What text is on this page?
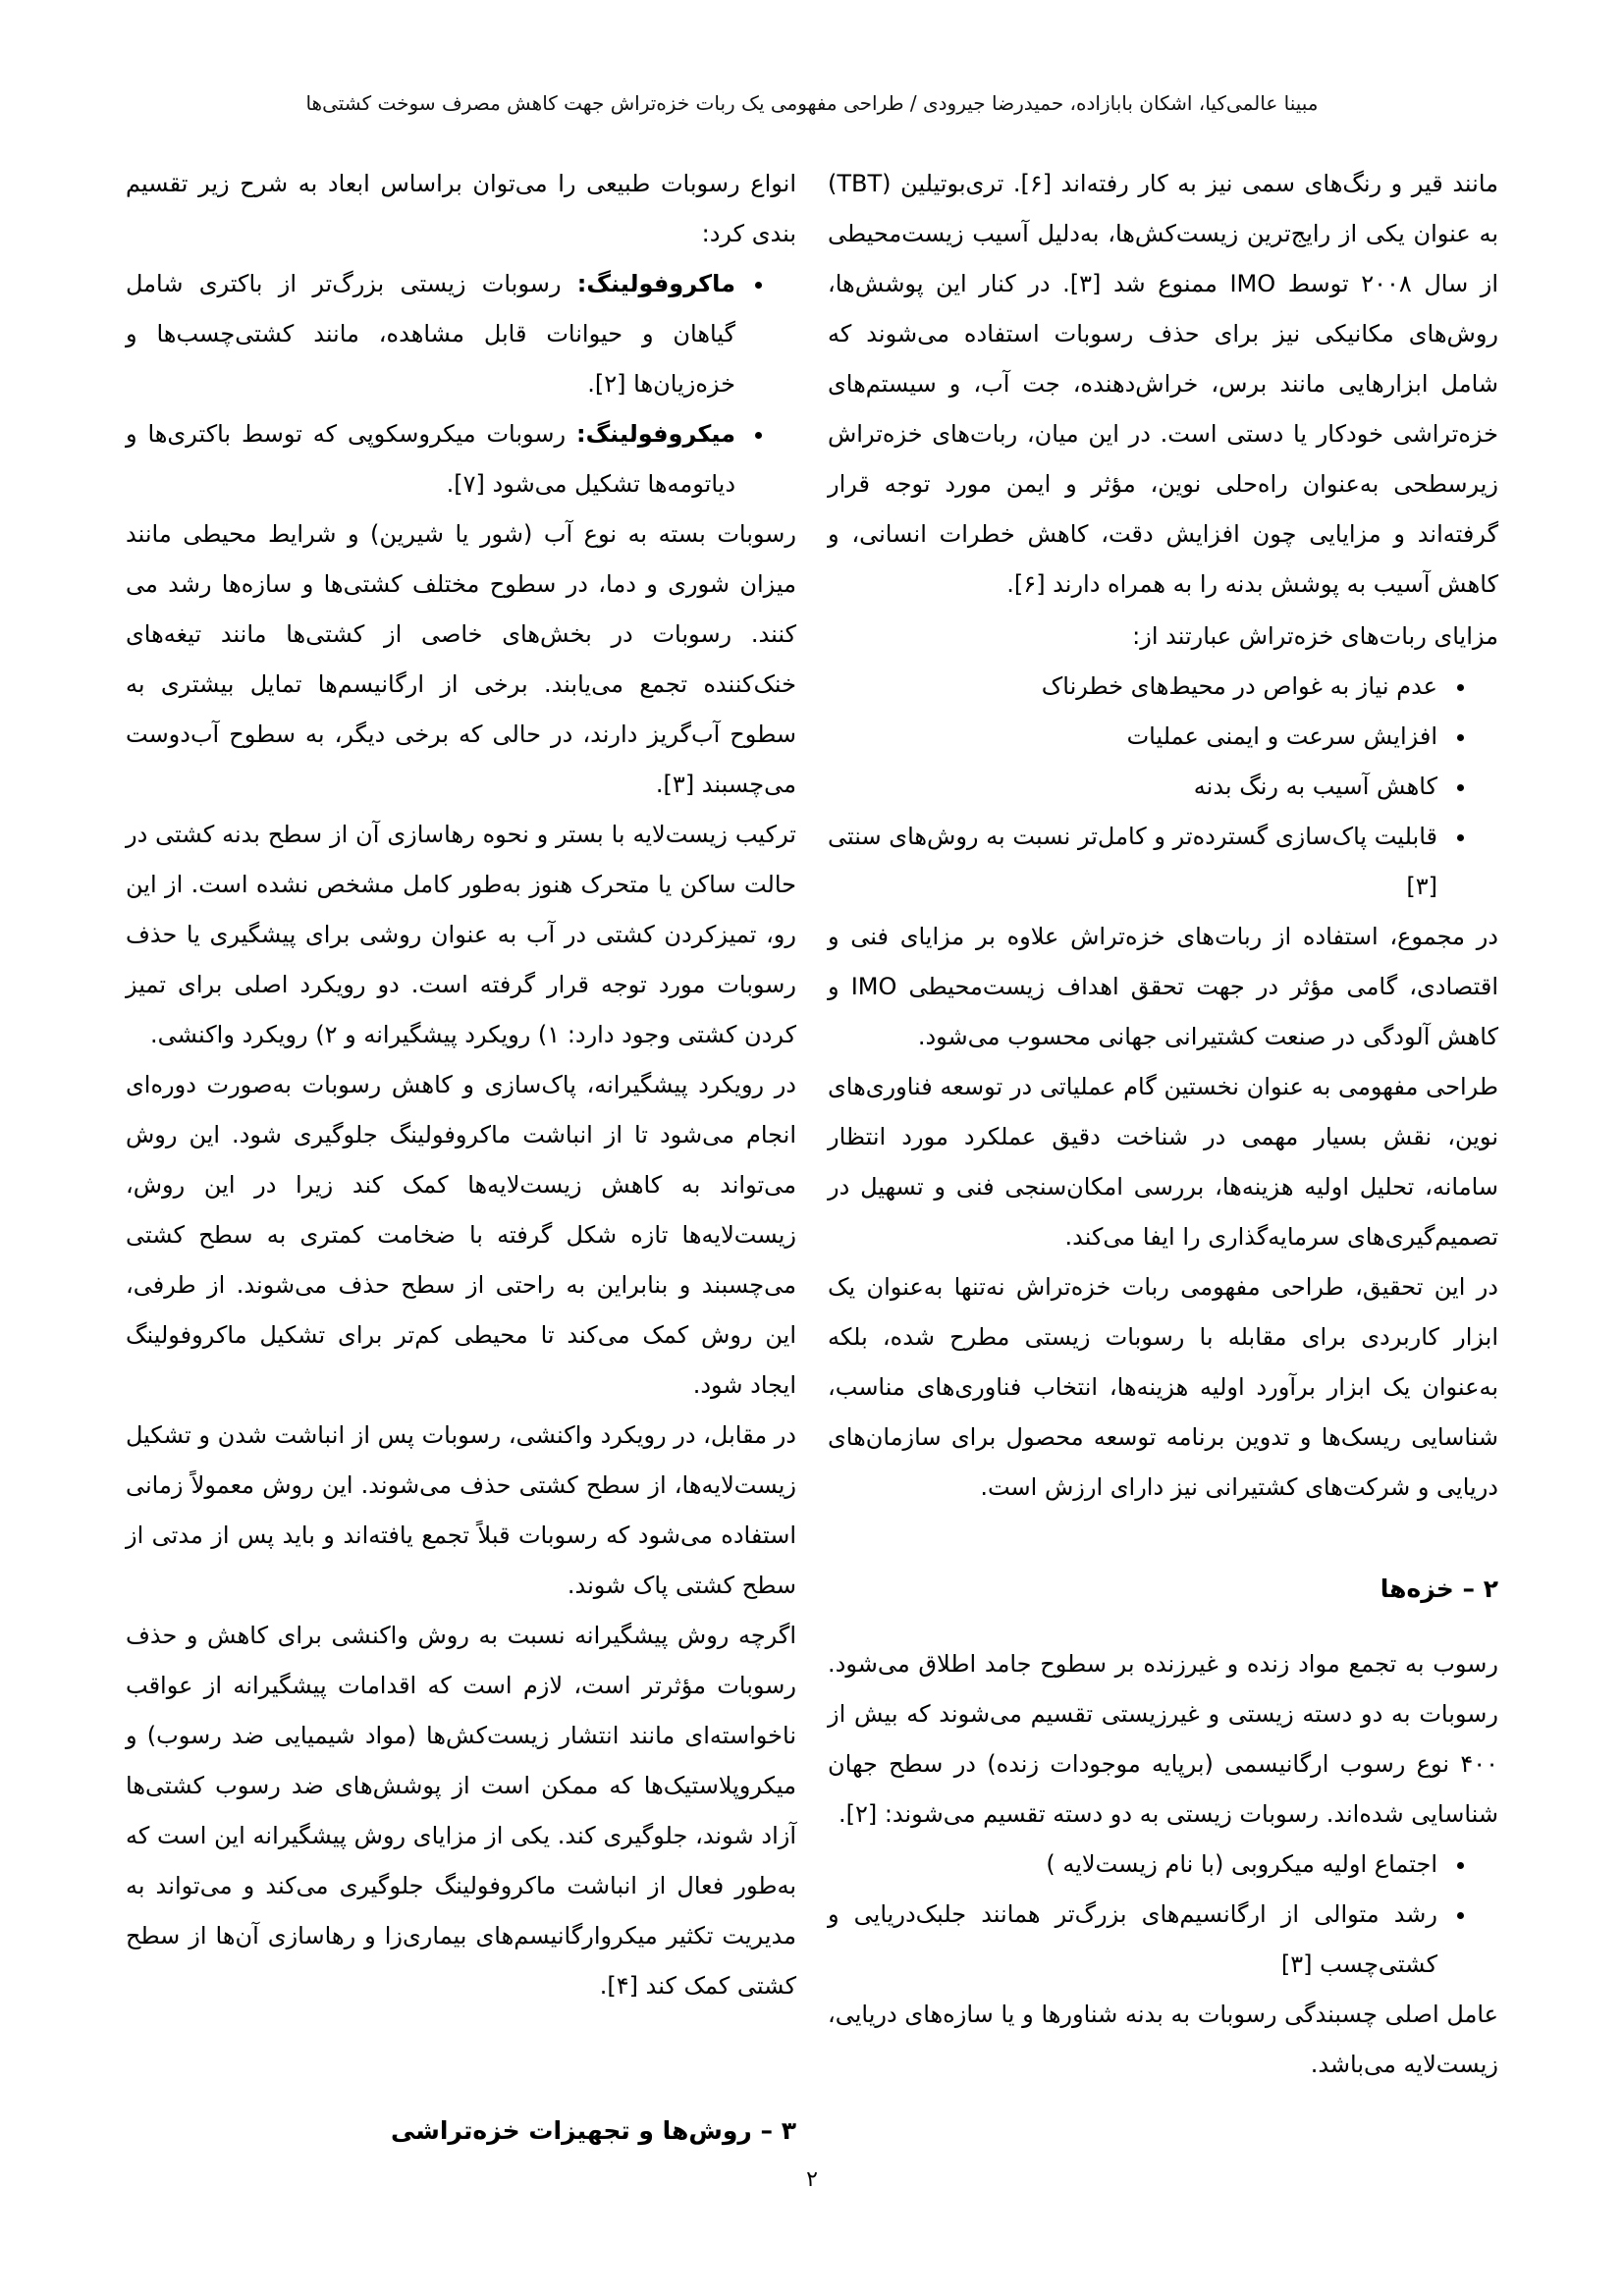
مبینا عالمی‌کیا، اشکان بابازاده، حمیدرضا جیرودی / طراحی مفهومی یک ربات خزه‌تراش جهت کاهش مصرف سوخت کشتی‌ها

مانند قیر و رنگ‌های سمی نیز به کار رفته‌اند [۶]. تری‌بوتیلین (TBT) به عنوان یکی از رایج‌ترین زیست‌کش‌ها، به‌دلیل آسیب زیست‌محیطی از سال ۲۰۰۸ توسط IMO ممنوع شد [۳]. در کنار این پوشش‌ها، روش‌های مکانیکی نیز برای حذف رسوبات استفاده می‌شوند که شامل ابزارهایی مانند برس، خراش‌دهنده، جت آب، و سیستم‌های خزه‌تراشی خودکار یا دستی است. در این میان، ربات‌های خزه‌تراش زیرسطحی به‌عنوان راه‌حلی نوین، مؤثر و ایمن مورد توجه قرار گرفته‌اند و مزایایی چون افزایش دقت، کاهش خطرات انسانی، و کاهش آسیب به پوشش بدنه را به همراه دارند [۶].

مزایای ربات‌های خزه‌تراش عبارتند از:

• عدم نیاز به غواص در محیط‌های خطرناک
• افزایش سرعت و ایمنی عملیات
• کاهش آسیب به رنگ بدنه
• قابلیت پاک‌سازی گسترده‌تر و کامل‌تر نسبت به روش‌های سنتی [۳]

در مجموع، استفاده از ربات‌های خزه‌تراش علاوه بر مزایای فنی و اقتصادی، گامی مؤثر در جهت تحقق اهداف زیست‌محیطی IMO و کاهش آلودگی در صنعت کشتیرانی جهانی محسوب می‌شود.

طراحی مفهومی به عنوان نخستین گام عملیاتی در توسعه فناوری‌های نوین، نقش بسیار مهمی در شناخت دقیق عملکرد مورد انتظار سامانه، تحلیل اولیه هزینه‌ها، بررسی امکان‌سنجی فنی و تسهیل در تصمیم‌گیری‌های سرمایه‌گذاری را ایفا می‌کند.

در این تحقیق، طراحی مفهومی ربات خزه‌تراش نه‌تنها به‌عنوان یک ابزار کاربردی برای مقابله با رسوبات زیستی مطرح شده، بلکه به‌عنوان یک ابزار برآورد اولیه هزینه‌ها، انتخاب فناوری‌های مناسب، شناسایی ریسک‌ها و تدوین برنامه توسعه محصول برای سازمان‌های دریایی و شرکت‌های کشتیرانی نیز دارای ارزش است.

۲ – خزه‌ها

رسوب به تجمع مواد زنده و غیرزنده بر سطوح جامد اطلاق می‌شود. رسوبات به دو دسته زیستی و غیرزیستی تقسیم می‌شوند که بیش از ۴۰۰ نوع رسوب ارگانیسمی (برپایه موجودات زنده) در سطح جهان شناسایی شده‌اند. رسوبات زیستی به دو دسته تقسیم می‌شوند: [۲].

• اجتماع اولیه میکروبی (با نام زیست‌لایه )
• رشد متوالی از ارگانسیم‌های بزرگ‌تر همانند جلبک‌دریایی و کشتی‌چسب [۳]

عامل اصلی چسبندگی رسوبات به بدنه شناورها و یا سازه‌های دریایی، زیست‌لایه می‌باشد.

انواع رسوبات طبیعی را می‌توان براساس ابعاد به شرح زیر تقسیم بندی کرد:

• ماکروفولینگ: رسوبات زیستی بزرگ‌تر از باکتری شامل گیاهان و حیوانات قابل مشاهده، مانند کشتی‌چسب‌ها و خزه‌زیان‌ها [۲].
• میکروفولینگ: رسوبات میکروسکوپی که توسط باکتری‌ها و دیاتومه‌ها تشکیل می‌شود [۷].

رسوبات بسته به نوع آب (شور یا شیرین) و شرایط محیطی مانند میزان شوری و دما، در سطوح مختلف کشتی‌ها و سازه‌ها رشد می کنند. رسوبات در بخش‌های خاصی از کشتی‌ها مانند تیغه‌های خنک‌کننده تجمع می‌یابند. برخی از ارگانیسم‌ها تمایل بیشتری به سطوح آب‌گریز دارند، در حالی که برخی دیگر، به سطوح آب‌دوست می‌چسبند [۳].

ترکیب زیست‌لایه با بستر و نحوه رهاسازی آن از سطح بدنه کشتی در حالت ساکن یا متحرک هنوز به‌طور کامل مشخص نشده است. از این رو، تمیزکردن کشتی در آب به عنوان روشی برای پیشگیری یا حذف رسوبات مورد توجه قرار گرفته است. دو رویکرد اصلی برای تمیز کردن کشتی وجود دارد: ۱) رویکرد پیشگیرانه و ۲) رویکرد واکنشی.

در رویکرد پیشگیرانه، پاک‌سازی و کاهش رسوبات به‌صورت دوره‌ای انجام می‌شود تا از انباشت ماکروفولینگ جلوگیری شود. این روش می‌تواند به کاهش زیست‌لایه‌ها کمک کند زیرا در این روش، زیست‌لایه‌ها تازه شکل گرفته با ضخامت کمتری به سطح کشتی می‌چسبند و بنابراین به راحتی از سطح حذف می‌شوند. از طرفی، این روش کمک می‌کند تا محیطی کم‌تر برای تشکیل ماکروفولینگ ایجاد شود.

در مقابل، در رویکرد واکنشی، رسوبات پس از انباشت شدن و تشکیل زیست‌لایه‌ها، از سطح کشتی حذف می‌شوند. این روش معمولاً زمانی استفاده می‌شود که رسوبات قبلاً تجمع یافته‌اند و باید پس از مدتی از سطح کشتی پاک شوند.

اگرچه روش پیشگیرانه نسبت به روش واکنشی برای کاهش و حذف رسوبات مؤثرتر است، لازم است که اقدامات پیشگیرانه از عواقب ناخواسته‌ای مانند انتشار زیست‌کش‌ها (مواد شیمیایی ضد رسوب) و میکروپلاستیک‌ها که ممکن است از پوشش‌های ضد رسوب کشتی‌ها آزاد شوند، جلوگیری کند. یکی از مزایای روش پیشگیرانه این است که به‌طور فعال از انباشت ماکروفولینگ جلوگیری می‌کند و می‌تواند به مدیریت تکثیر میکروارگانیسم‌های بیماری‌زا و رهاسازی آن‌ها از سطح کشتی کمک کند [۴].

۳ – روش‌ها و تجهیزات خزه‌تراشی
۲
